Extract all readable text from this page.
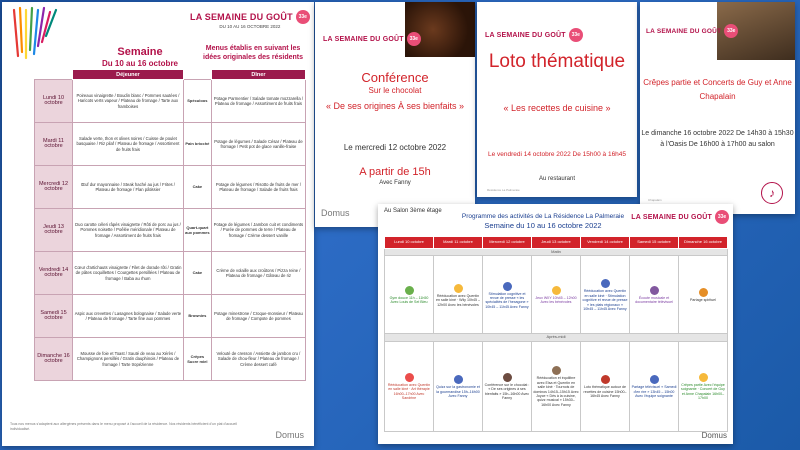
LA SEMAINE DU GOÛT	33e
DU 10 AU 16 OCTOBRE 2022
Semaine
Du 10 au 16 octobre
Menus établis en suivant les idées originales des résidents
	Déjeuner		Dîner
Lundi 10 octobre	Poireaux vinaigrette / Boudin blanc / Pommes sautées / Haricots verts vapeur / Plateau de fromage / Tarte aux framboises	Spéculoos	Potage Parmentier / Salade tomate mozzarella / Plateau de fromage / Assortiment de fruits frais
Mardi 11 octobre	Salade verte, thon et olives noires / Cuisse de poulet basquaise / Riz pilaf / Plateau de fromage / Assortiment de fruits frais	Pain brioché	Potage de légumes / Salade César / Plateau de fromage / Petit pot de glace vanille-fraise
Mercredi 12 octobre	Œuf dur mayonnaise / Steak haché au jus / Frites / Plateau de fromage / Flan pâtissier	Cake	Potage de légumes / Risotto de fruits de mer / Plateau de fromage / Salade de fruits frais
Jeudi 13 octobre	Duo carotte céleri râpés vinaigrette / Rôti de porc au jus / Pommes noisette / Poêlée méridionale / Plateau de fromage / Assortiment de fruits frais	Quart-quart aux pommes	Potage de légumes / Jambon cuit et condiments / Purée de pommes de terre / Plateau de fromage / Crème dessert vanille
Vendredi 14 octobre	Cœur d'artichauts vinaigrette / Filet de dorade rôti / Gratin de pâtes coquillettes / Courgettes persillées / Plateau de fromage / Baba au rhum	Cake	Crème de volaille aux croûtons / Pizza reine / Plateau de fromage / Gâteau de riz
Samedi 15 octobre	Aspic aux crevettes / Lasagnes bolognaise / Salade verte / Plateau de fromage / Tarte fine aux pommes	Brownies	Potage minestrone / Croque-monsieur / Plateau de fromage / Compote de pommes
Dimanche 16 octobre	Mousse de foie et Toast / Sauté de veau au Xérès / Champignons persillés / Gratin dauphinois / Plateau de fromage / Tarte tropézienne	Crêpes Sucre miel	Velouté de cresson / Assiette de jambon cru / Salade de chou-fleur / Plateau de fromage / Crème dessert café
Tous nos menus s'adaptent aux allergènes présents dans le menu proposé à l'accueil de la résidence. Nos résidents bénéficient d'un plat d'accueil individualisé.
Domus
LA SEMAINE DU GOÛT	33e
Conférence
Sur le chocolat
« De ses origines À ses bienfaits »
Le mercredi 12 octobre 2022
A partir de 15h
Avec Fanny
Domus
LA SEMAINE DU GOÛT	33e
Loto thématique
« Les recettes de cuisine »
Le vendredi 14 octobre 2022 De 15h00 à 16h45
Au restaurant
Résidence La Palmeraie
LA SEMAINE DU GOÛT	33e
Crêpes partie et Concerts de Guy et Anne Chapalain
Le dimanche 16 octobre 2022 De 14h30 à 15h30 à l'Oasis De 16h00 à 17h00 au salon
♪
Chapalain
Au Salon 3ème étage
Programme des activités de La Résidence La Palmeraie
Semaine du 10 au 16 octobre 2022
LA SEMAINE DU GOÛT	33e
Lundi 10 octobre	Mardi 11 octobre	Mercredi 12 octobre	Jeudi 13 octobre	Vendredi 14 octobre	Samedi 15 octobre	Dimanche 16 octobre
Matin						

Gym douce 11h – 11h50 Avec Louis de Sel Bleu	Rééducation avec Quentin en salle kiné · Wiiy 10h45 – 12h00 Avec les bénévoles	Stimulation cognitive et revue de presse « les spécialités de l'hexagone » 10h45 – 11h45 Avec Fanny	Jeux WIIY 10h45 – 12h00 Avec les bénévoles	Rééducation avec Quentin en salle kiné · Stimulation cognitive et revue de presse « les plats régionaux » 10h45 – 11h45 Avec Fanny	Écoute musicale et documentaire télévisuel	Partage spirituel
Après-midi						

Rééducation avec Quentin en salle kiné · Art thérapie 16h00–17h00 Avec Sandrine	Quizz sur la gastronomie et la gourmandise 15h–16h00 Avec Fanny	Conférence sur le chocolat : « De ses origines à ses bienfaits » 15h–16h00 Avec Fanny	Rééducation et équilibre avec Elsa et Quentin en salle kiné · Tournois de dominos 14h15–15h15 Avec Joyce « Dès à la cuisine, quizz musical » 15h30–16h00 Avec Fanny	Loto thématique autour de recettes de cuisine 15h00–16h45 Avec Fanny	Partage télévisuel « Samedi d'en rire » 13h45 – 15h00 Avec l'équipe soignante	Crêpes partie Avec l'équipe soignante · Concert de Guy et Anne Chapalain 16h00–17h00
Domus
